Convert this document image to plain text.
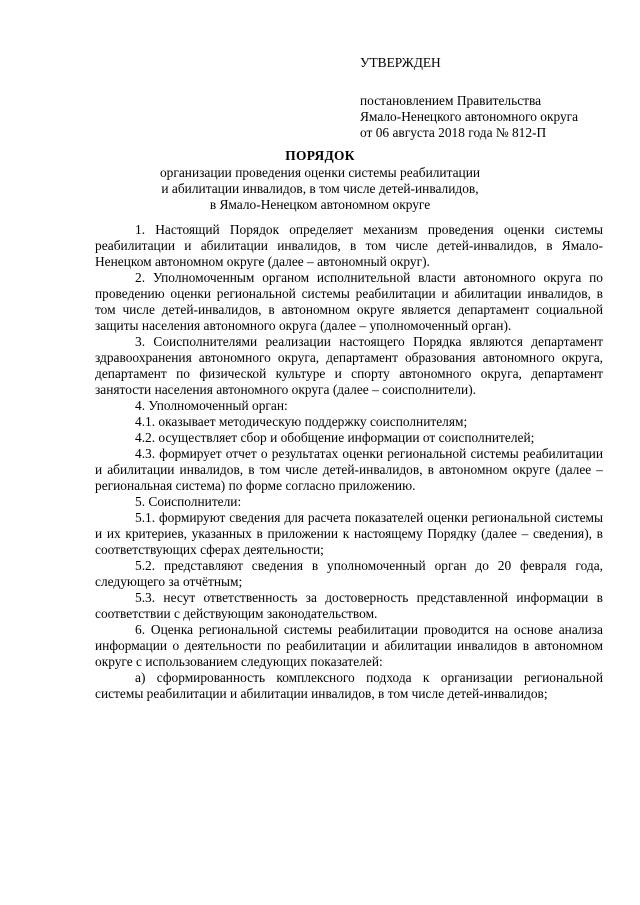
УТВЕРЖДЕН

постановлением Правительства

Ямало-Ненецкого автономного округа

от 06 августа 2018 года № 812-П

ПОРЯДОК

организации проведения оценки системы реабилитации

и абилитации инвалидов, в том числе детей-инвалидов,

в Ямало-Ненецком автономном округе

1. Настоящий Порядок определяет механизм проведения оценки системы реабилитации и абилитации инвалидов, в том числе детей-инвалидов, в Ямало-Ненецком автономном округе (далее – автономный округ).

2. Уполномоченным органом исполнительной власти автономного округа по проведению оценки региональной системы реабилитации и абилитации инвалидов, в том числе детей-инвалидов, в автономном округе является департамент социальной защиты населения автономного округа (далее – уполномоченный орган).

3. Соисполнителями реализации настоящего Порядка являются департамент здравоохранения автономного округа, департамент образования автономного округа, департамент по физической культуре и спорту автономного округа, департамент занятости населения автономного округа (далее – соисполнители).

4. Уполномоченный орган:

4.1. оказывает методическую поддержку соисполнителям;

4.2. осуществляет сбор и обобщение информации от соисполнителей;

4.3. формирует отчет о результатах оценки региональной системы реабилитации и абилитации инвалидов, в том числе детей-инвалидов, в автономном округе (далее – региональная система) по форме согласно приложению.

5. Соисполнители:

5.1. формируют сведения для расчета показателей оценки региональной системы и их критериев, указанных в приложении к настоящему Порядку (далее – сведения), в соответствующих сферах деятельности;

5.2. представляют сведения в уполномоченный орган до 20 февраля года, следующего за отчётным;

5.3. несут ответственность за достоверность представленной информации в соответствии с действующим законодательством.

6. Оценка региональной системы реабилитации проводится на основе анализа информации о деятельности по реабилитации и абилитации инвалидов в автономном округе с использованием следующих показателей:

а) сформированность комплексного подхода к организации региональной системы реабилитации и абилитации инвалидов, в том числе детей-инвалидов;
